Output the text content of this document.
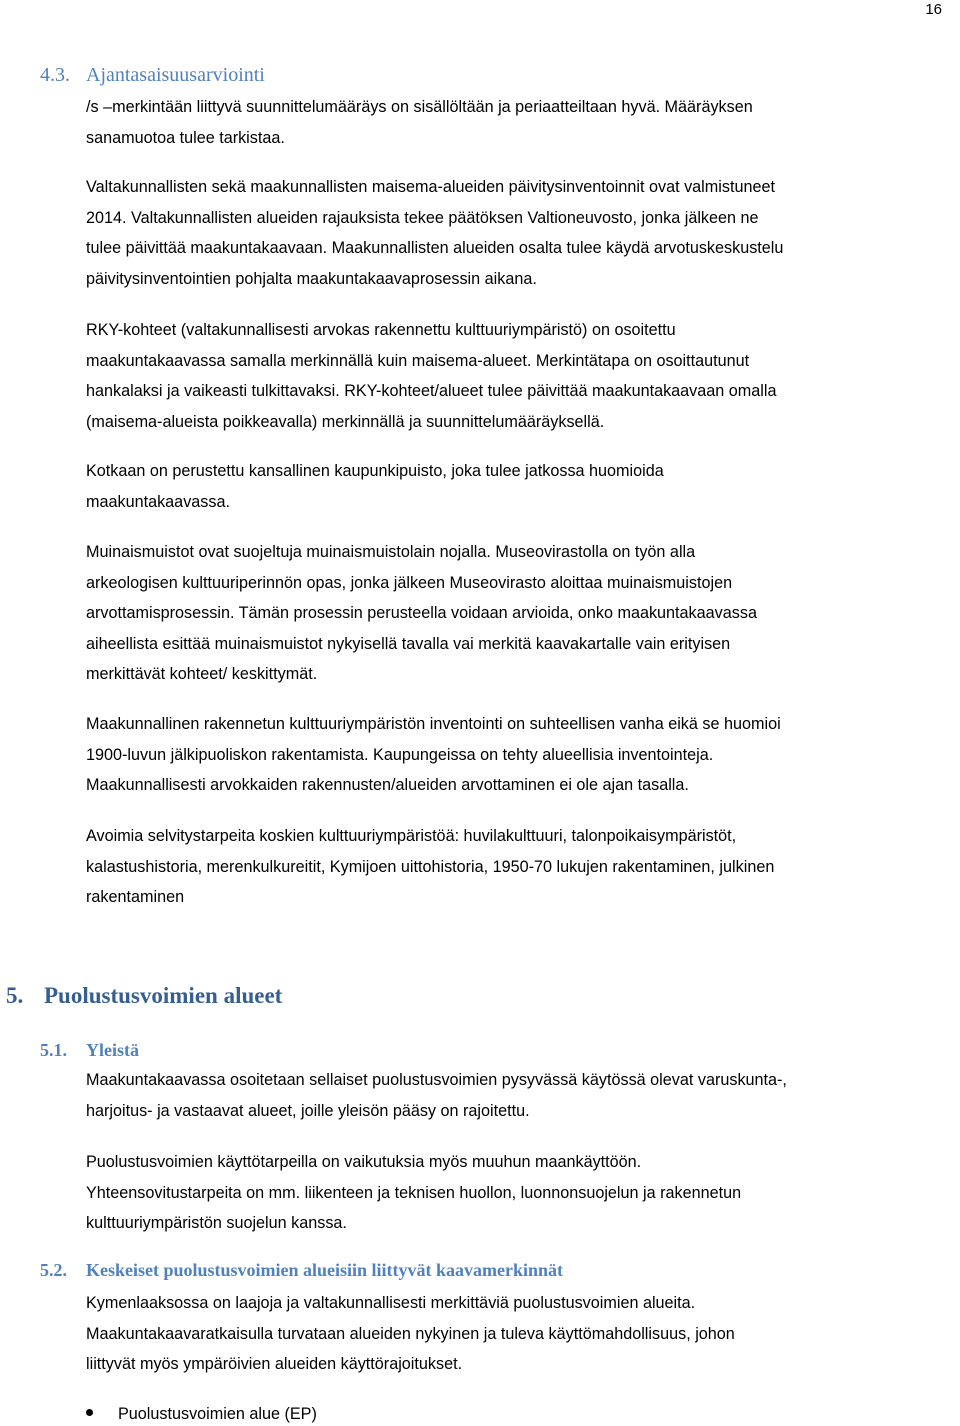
16
4.3. Ajantasaisuusarviointi

/s –merkintään liittyvä suunnittelumääräys on sisällöltään ja periaatteiltaan hyvä. Määräyksen

sanamuotoa tulee tarkistaa.

Valtakunnallisten sekä maakunnallisten maisema-alueiden päivitysinventoinnit ovat valmistuneet

2014. Valtakunnallisten alueiden rajauksista tekee päätöksen Valtioneuvosto, jonka jälkeen ne

tulee päivittää maakuntakaavaan. Maakunnallisten alueiden osalta tulee käydä arvotuskeskustelu

päivitysinventointien pohjalta maakuntakaavaprosessin aikana.

RKY-kohteet (valtakunnallisesti arvokas rakennettu kulttuuriympäristö) on osoitettu

maakuntakaavassa samalla merkinnällä kuin maisema-alueet. Merkintätapa on osoittautunut

hankalaksi ja vaikeasti tulkittavaksi. RKY-kohteet/alueet tulee päivittää maakuntakaavaan omalla

(maisema-alueista poikkeavalla) merkinnällä ja suunnittelumääräyksellä.

Kotkaan on perustettu kansallinen kaupunkipuisto, joka tulee jatkossa huomioida

maakuntakaavassa.

Muinaismuistot ovat suojeltuja muinaismuistolain nojalla. Museovirastolla on työn alla

arkeologisen kulttuuriperinnön opas, jonka jälkeen Museovirasto aloittaa muinaismuistojen

arvottamisprosessin. Tämän prosessin perusteella voidaan arvioida, onko maakuntakaavassa

aiheellista esittää muinaismuistot nykyisellä tavalla vai merkitä kaavakartalle vain erityisen

merkittävät kohteet/ keskittymät.

Maakunnallinen rakennetun kulttuuriympäristön inventointi on suhteellisen vanha eikä se huomioi

1900-luvun jälkipuoliskon rakentamista. Kaupungeissa on tehty alueellisia inventointeja.

Maakunnallisesti arvokkaiden rakennusten/alueiden arvottaminen ei ole ajan tasalla.

Avoimia selvitystarpeita koskien kulttuuriympäristöä: huvilakulttuuri, talonpoikaisympäristöt,

kalastushistoria, merenkulkureitit, Kymijoen uittohistoria, 1950-70 lukujen rakentaminen, julkinen

rakentaminen

5. Puolustusvoimien alueet
5.1. Yleistä

Maakuntakaavassa osoitetaan sellaiset puolustusvoimien pysyvässä käytössä olevat varuskunta-,

harjoitus- ja vastaavat alueet, joille yleisön pääsy on rajoitettu.

Puolustusvoimien käyttötarpeilla on vaikutuksia myös muuhun maankäyttöön.

Yhteensovitustarpeita on mm. liikenteen ja teknisen huollon, luonnonsuojelun ja rakennetun

kulttuuriympäristön suojelun kanssa.

5.2. Keskeiset puolustusvoimien alueisiin liittyvät kaavamerkinnät

Kymenlaaksossa on laajoja ja valtakunnallisesti merkittäviä puolustusvoimien alueita.

Maakuntakaavaratkaisulla turvataan alueiden nykyinen ja tuleva käyttömahdollisuus, johon

liittyvät myös ympäröivien alueiden käyttörajoitukset.

Puolustusvoimien alue (EP)
